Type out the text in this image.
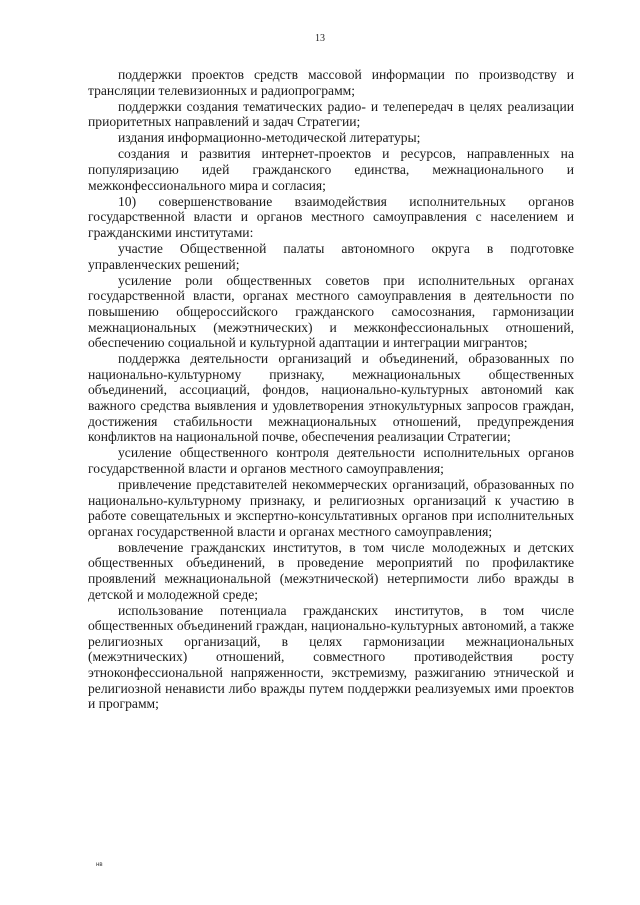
13

поддержки проектов средств массовой информации по производству и трансляции телевизионных и радиопрограмм;

поддержки создания тематических радио- и телепередач в целях реализации приоритетных направлений и задач Стратегии;

издания информационно-методической литературы;

создания и развития интернет-проектов и ресурсов, направленных на популяризацию идей гражданского единства, межнационального и межконфессионального мира и согласия;

10) совершенствование взаимодействия исполнительных органов государственной власти и органов местного самоуправления с населением и гражданскими институтами:

участие Общественной палаты автономного округа в подготовке управленческих решений;

усиление роли общественных советов при исполнительных органах государственной власти, органах местного самоуправления в деятельности по повышению общероссийского гражданского самосознания, гармонизации межнациональных (межэтнических) и межконфессиональных отношений, обеспечению социальной и культурной адаптации и интеграции мигрантов;

поддержка деятельности организаций и объединений, образованных по национально-культурному признаку, межнациональных общественных объединений, ассоциаций, фондов, национально-культурных автономий как важного средства выявления и удовлетворения этнокультурных запросов граждан, достижения стабильности межнациональных отношений, предупреждения конфликтов на национальной почве, обеспечения реализации Стратегии;

усиление общественного контроля деятельности исполнительных органов государственной власти и органов местного самоуправления;

привлечение представителей некоммерческих организаций, образованных по национально-культурному признаку, и религиозных организаций к участию в работе совещательных и экспертно-консультативных органов при исполнительных органах государственной власти и органах местного самоуправления;

вовлечение гражданских институтов, в том числе молодежных и детских общественных объединений, в проведение мероприятий по профилактике проявлений межнациональной (межэтнической) нетерпимости либо вражды в детской и молодежной среде;

использование потенциала гражданских институтов, в том числе общественных объединений граждан, национально-культурных автономий, а также религиозных организаций, в целях гармонизации межнациональных (межэтнических) отношений, совместного противодействия росту этноконфессиональной напряженности, экстремизму, разжиганию этнической и религиозной ненависти либо вражды путем поддержки реализуемых ими проектов и программ;

нв
